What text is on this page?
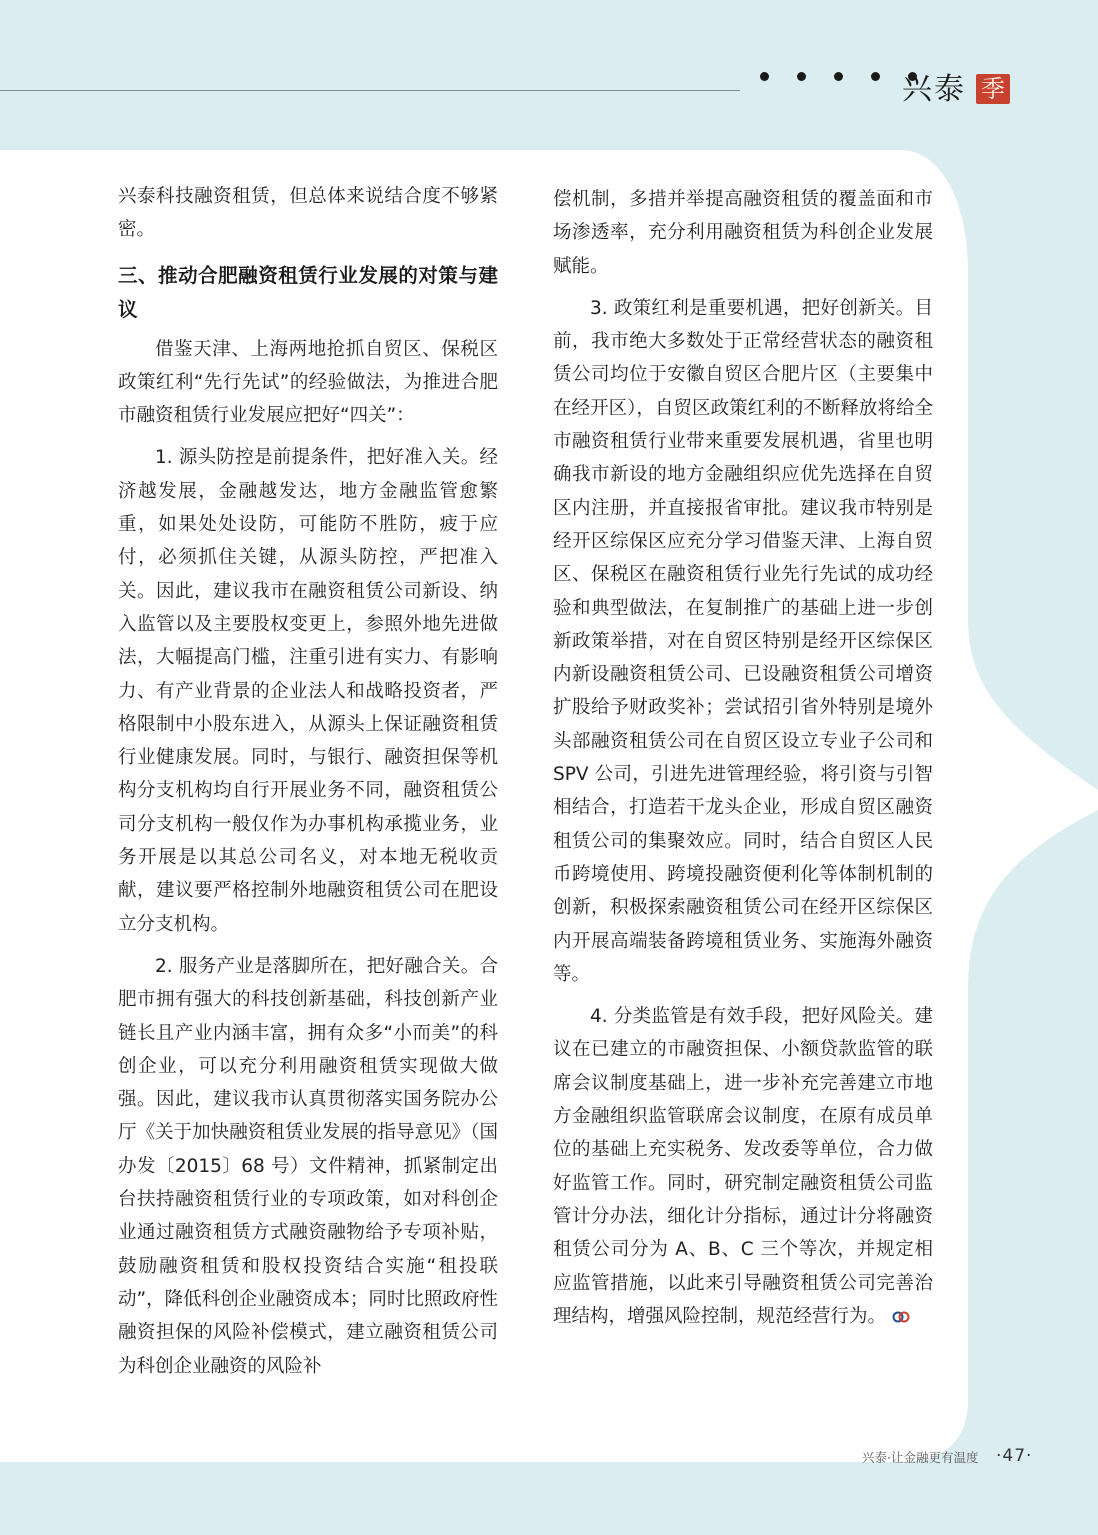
兴泰 季

兴泰科技融资租赁，但总体来说结合度不够紧密。

三、推动合肥融资租赁行业发展的对策与建议

借鉴天津、上海两地抢抓自贸区、保税区政策红利“先行先试”的经验做法，为推进合肥市融资租赁行业发展应把好“四关”：

1. 源头防控是前提条件，把好准入关。经济越发展，金融越发达，地方金融监管愈繁重，如果处处设防，可能防不胜防，疲于应付，必须抓住关键，从源头防控，严把准入关。因此，建议我市在融资租赁公司新设、纳入监管以及主要股权变更上，参照外地先进做法，大幅提高门槛，注重引进有实力、有影响力、有产业背景的企业法人和战略投资者，严格限制中小股东进入，从源头上保证融资租赁行业健康发展。同时，与银行、融资担保等机构分支机构均自行开展业务不同，融资租赁公司分支机构一般仅作为办事机构承揽业务，业务开展是以其总公司名义，对本地无税收贡献，建议要严格控制外地融资租赁公司在肥设立分支机构。

2. 服务产业是落脚所在，把好融合关。合肥市拥有强大的科技创新基础，科技创新产业链长且产业内涵丰富，拥有众多“小而美”的科创企业，可以充分利用融资租赁实现做大做强。因此，建议我市认真贯彻落实国务院办公厅《关于加快融资租赁业发展的指导意见》（国办发〔2015〕68 号）文件精神，抓紧制定出台扶持融资租赁行业的专项政策，如对科创企业通过融资租赁方式融资融物给予专项补贴，鼓励融资租赁和股权投资结合实施“租投联动”，降低科创企业融资成本；同时比照政府性融资担保的风险补偿模式，建立融资租赁公司为科创企业融资的风险补

偿机制，多措并举提高融资租赁的覆盖面和市场渗透率，充分利用融资租赁为科创企业发展赋能。

3. 政策红利是重要机遇，把好创新关。目前，我市绝大多数处于正常经营状态的融资租赁公司均位于安徽自贸区合肥片区（主要集中在经开区），自贸区政策红利的不断释放将给全市融资租赁行业带来重要发展机遇，省里也明确我市新设的地方金融组织应优先选择在自贸区内注册，并直接报省审批。建议我市特别是经开区综保区应充分学习借鉴天津、上海自贸区、保税区在融资租赁行业先行先试的成功经验和典型做法，在复制推广的基础上进一步创新政策举措，对在自贸区特别是经开区综保区内新设融资租赁公司、已设融资租赁公司增资扩股给予财政奖补；尝试招引省外特别是境外头部融资租赁公司在自贸区设立专业子公司和 SPV 公司，引进先进管理经验，将引资与引智相结合，打造若干龙头企业，形成自贸区融资租赁公司的集聚效应。同时，结合自贸区人民币跨境使用、跨境投融资便利化等体制机制的创新，积极探索融资租赁公司在经开区综保区内开展高端装备跨境租赁业务、实施海外融资等。

4. 分类监管是有效手段，把好风险关。建议在已建立的市融资担保、小额贷款监管的联席会议制度基础上，进一步补充完善建立市地方金融组织监管联席会议制度，在原有成员单位的基础上充实税务、发改委等单位，合力做好监管工作。同时，研究制定融资租赁公司监管计分办法，细化计分指标，通过计分将融资租赁公司分为 A、B、C 三个等次，并规定相应监管措施，以此来引导融资租赁公司完善治理结构，增强风险控制，规范经营行为。

兴泰·让金融更有温度 ·47·
